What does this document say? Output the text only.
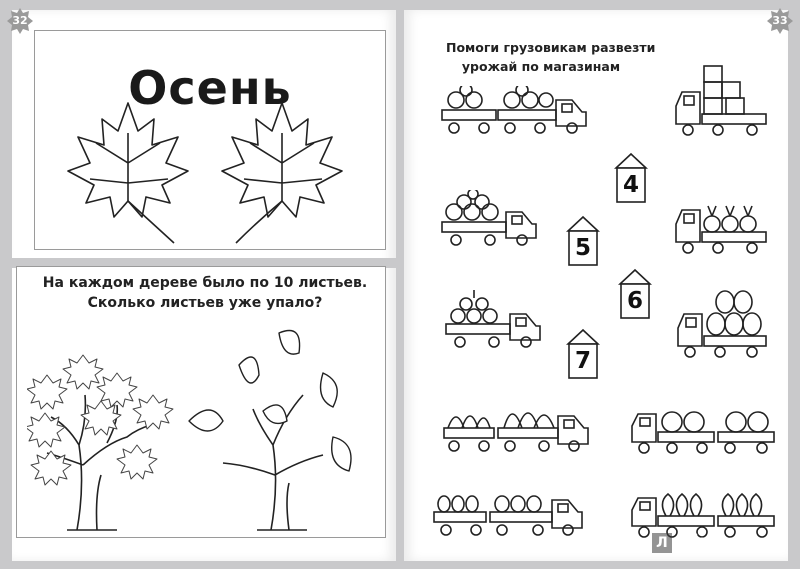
32	33
Осень
На каждом дереве было по 10 листьев.
Сколько листьев уже упало?
Помоги грузовикам развезти
урожай по магазинам
4
5
6
7
Л абиринт.ру
